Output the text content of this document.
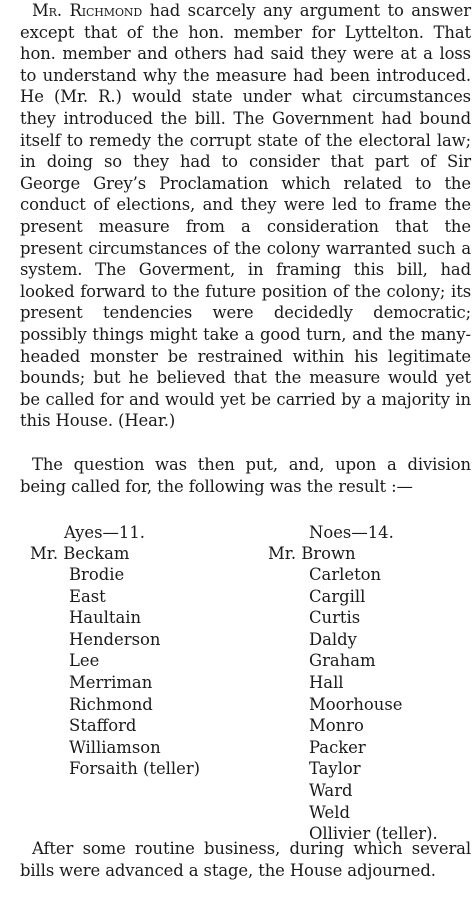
Mr. Richmond had scarcely any argument to answer except that of the hon. member for Lyttelton. That hon. member and others had said they were at a loss to understand why the measure had been introduced. He (Mr. R.) would state under what circumstances they introduced the bill. The Government had bound itself to remedy the corrupt state of the electoral law; in doing so they had to consider that part of Sir George Grey’s Proclamation which related to the conduct of elections, and they were led to frame the present measure from a consideration that the present circumstances of the colony warranted such a system. The Goverment, in framing this bill, had looked forward to the future position of the colony; its present tendencies were decidedly democratic; possibly things might take a good turn, and the many-headed monster be restrained within his legitimate bounds; but he believed that the measure would yet be called for and would yet be carried by a majority in this House. (Hear.)

The question was then put, and, upon a division being called for, the following was the result :—

Ayes—11.	Noes—14.
Mr. Beckam	Mr. Brown
Brodie
East
Haultain
Henderson
Lee
Merriman
Richmond
Stafford
Williamson
Forsaith (teller)
Carleton
Cargill
Curtis
Daldy
Graham
Hall
Moorhouse
Monro
Packer
Taylor
Ward
Weld
Ollivier (teller).

After some routine business, during which several bills were advanced a stage, the House adjourned.
